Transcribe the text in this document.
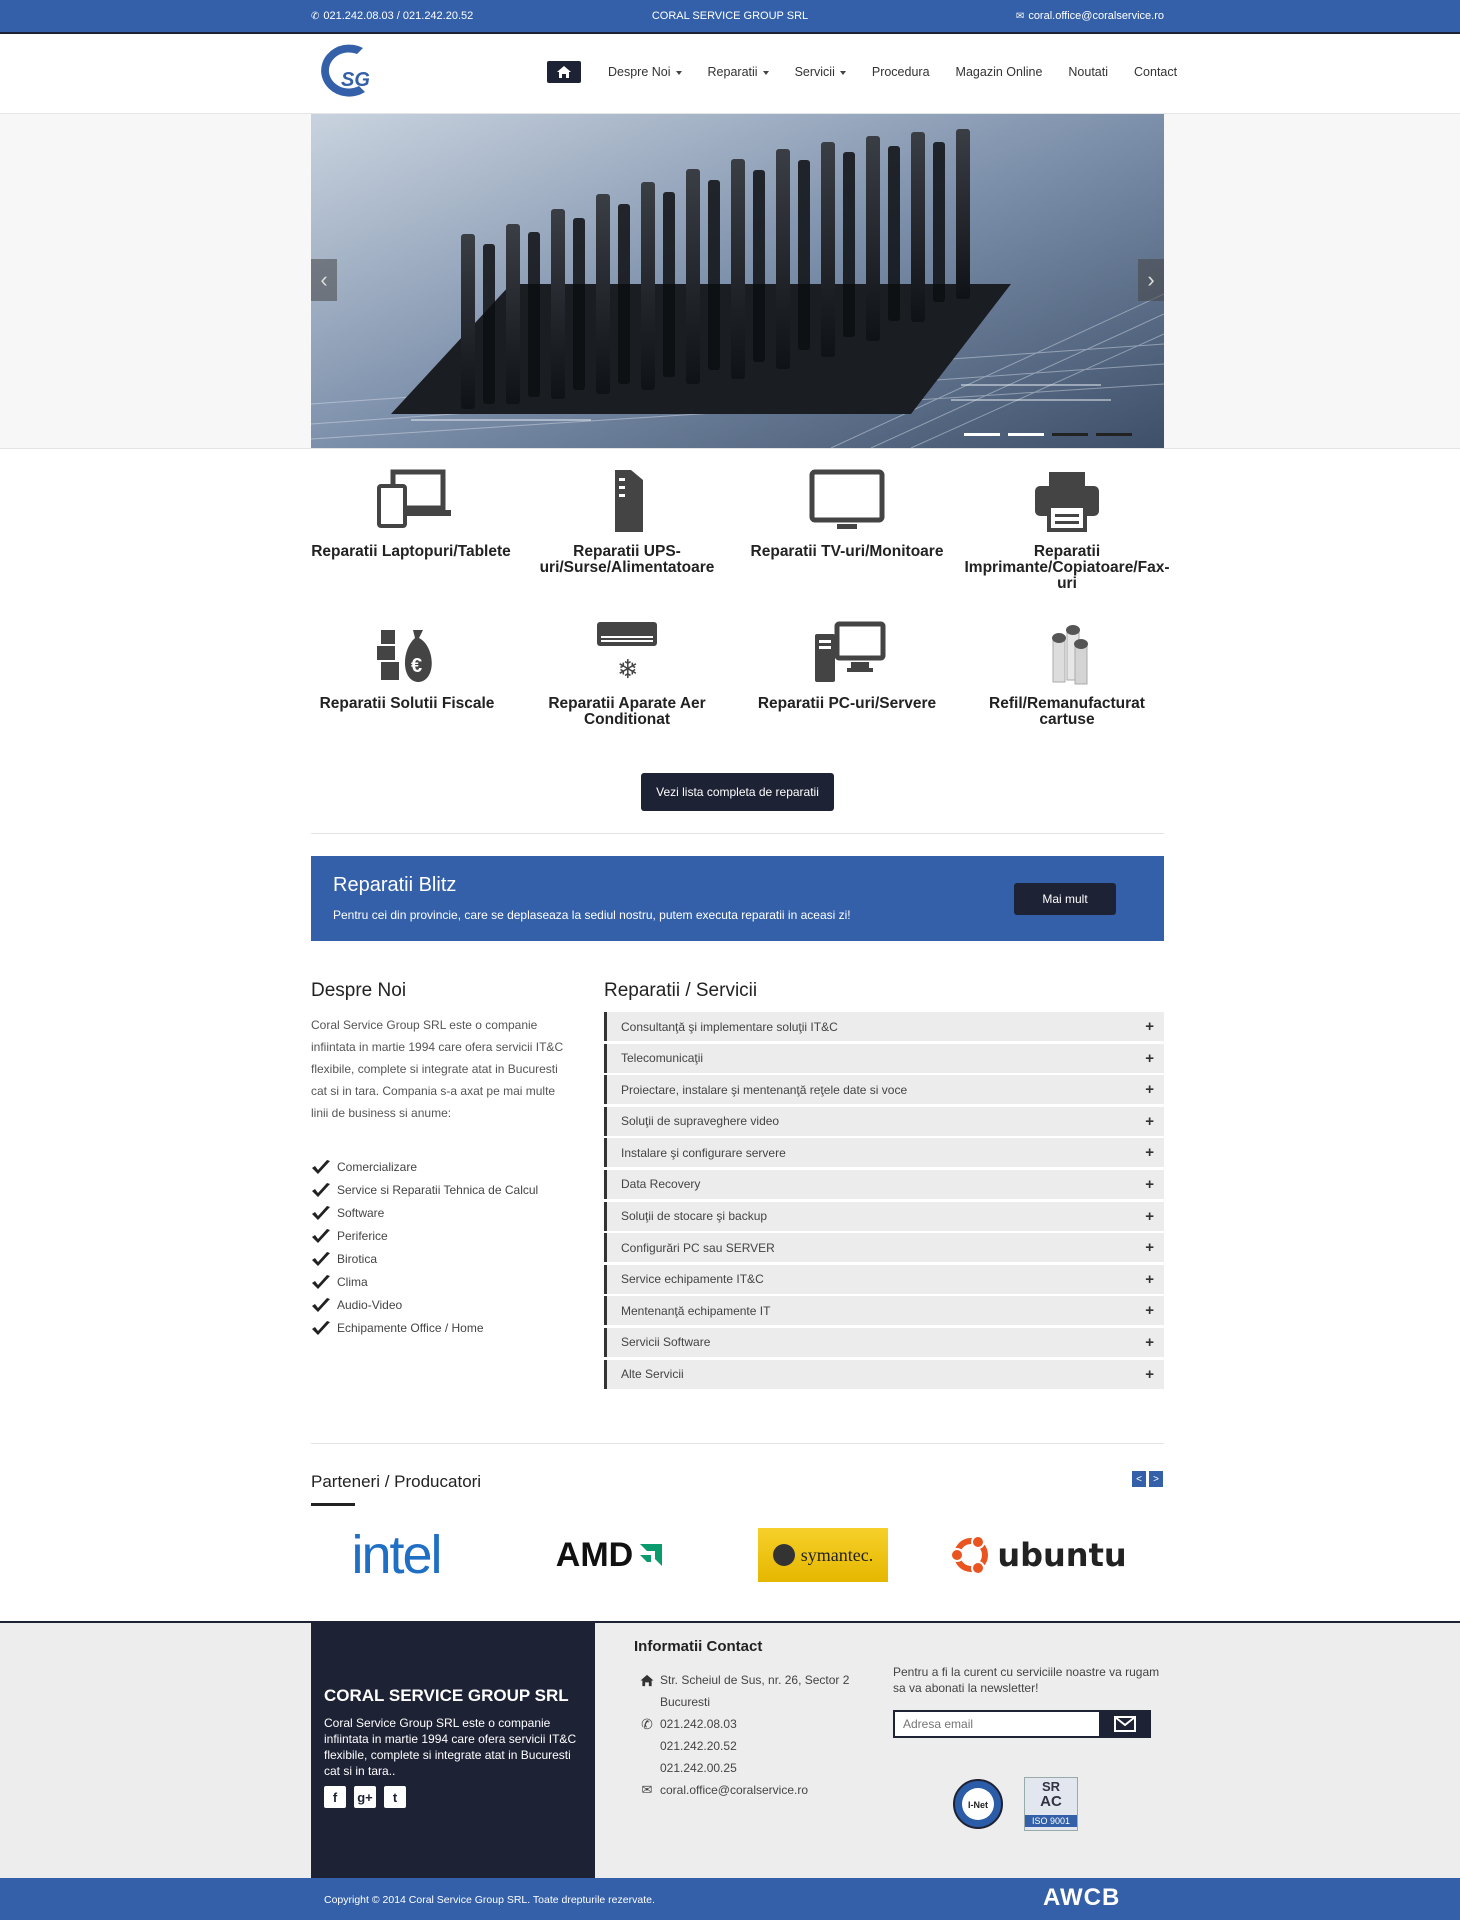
✆ 021.242.08.03 / 021.242.20.52	CORAL SERVICE GROUP SRL	✉ coral.office@coralservice.ro
SG	Despre Noi	Reparatii	Servicii	Procedura Magazin Online Noutati Contact
‹	›
Reparatii Laptopuri/Tablete	Reparatii UPS-uri/Surse/Alimentatoare
Reparatii TV-uri/Monitoare	Reparatii Imprimante/Copiatoare/Fax-uri
€
Reparatii Solutii Fiscale
❄
Reparatii Aparate Aer Conditionat
Reparatii PC-uri/Servere	Refil/Remanufacturat cartuse
Vezi lista completa de reparatii
Reparatii Blitz
Pentru cei din provincie, care se deplaseaza la sediul nostru, putem executa reparatii in aceasi zi!
Mai mult
Despre Noi

Coral Service Group SRL este o companie infiintata in martie 1994 care ofera servicii IT&C flexibile, complete si integrate atat in Bucuresti cat si in tara. Compania s-a axat pe mai multe linii de business si anume:

Comercializare
Service si Reparatii Tehnica de Calcul
Software
Periferice
Birotica
Clima
Audio-Video
Echipamente Office / Home
Reparatii / Servicii
Consultanţă şi implementare soluţii IT&C	+
Telecomunicaţii	+
Proiectare, instalare şi mentenanţă reţele date si voce	+
Soluţii de supraveghere video	+
Instalare şi configurare servere	+
Data Recovery	+
Soluţii de stocare şi backup	+
Configurări PC sau SERVER	+
Service echipamente IT&C	+
Mentenanţă echipamente IT	+
Servicii Software	+
Alte Servicii	+
Parteneri / Producatori	<	>
intel	AMD	symantec.	ubuntu
CORAL SERVICE GROUP SRL
Coral Service Group SRL este o companie infiintata in martie 1994 care ofera servicii IT&C flexibile, complete si integrate atat in Bucuresti cat si in tara..
f	g+	t
Informatii Contact
Str. Scheiul de Sus, nr. 26, Sector 2
Bucuresti
✆ 021.242.08.03
021.242.20.52
021.242.00.25
✉ coral.office@coralservice.ro
Pentru a fi la curent cu serviciile noastre va rugam sa va abonati la newsletter!
Adresa email
I-Net
SR
AC
ISO 9001
Copyright © 2014 Coral Service Group SRL. Toate drepturile rezervate.	AWCB
